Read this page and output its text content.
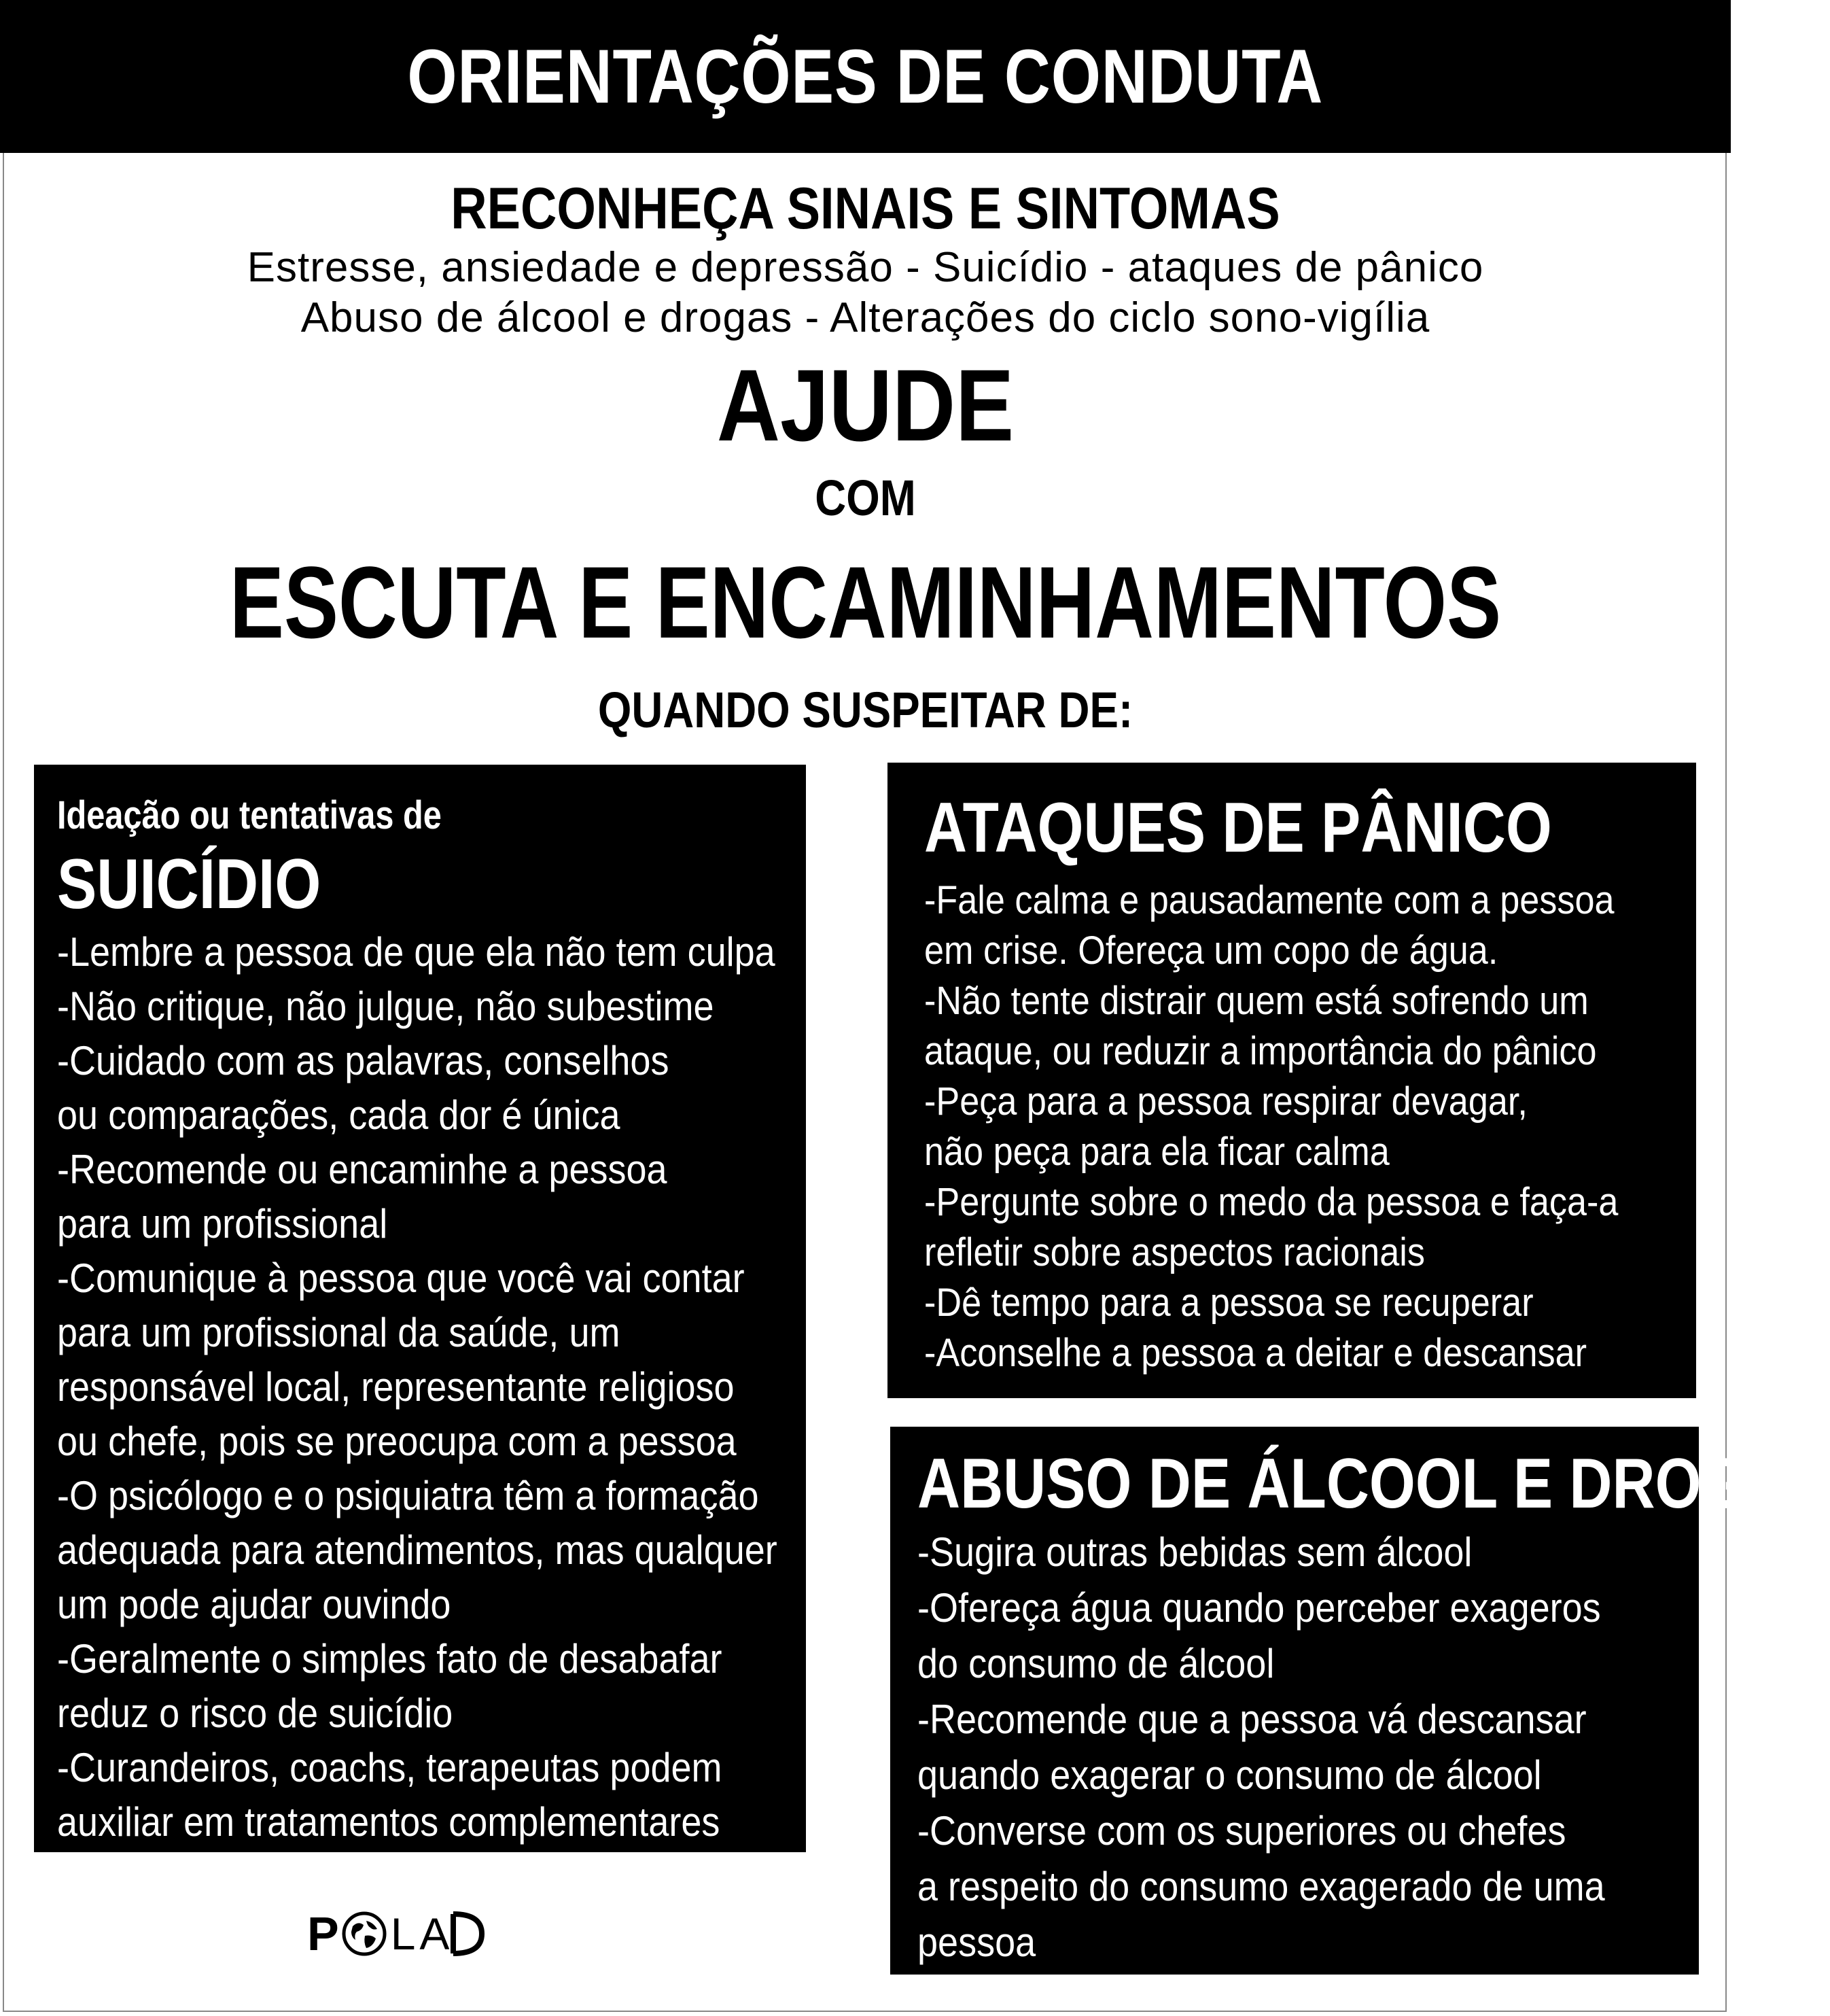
ORIENTAÇÕES DE CONDUTA
RECONHEÇA SINAIS E SINTOMAS
Estresse, ansiedade e depressão - Suicídio - ataques de pânico
Abuso de álcool e drogas - Alterações do ciclo sono-vigília
AJUDE
COM
ESCUTA E ENCAMINHAMENTOS
QUANDO SUSPEITAR DE:
Ideação ou tentativas de
SUICÍDIO
-Lembre a pessoa de que ela não tem culpa
-Não critique, não julgue, não subestime
-Cuidado com as palavras, conselhos
ou comparações, cada dor é única
-Recomende ou encaminhe a pessoa
para um profissional
-Comunique à pessoa que você vai contar
para um profissional da saúde, um
responsável local, representante religioso
ou chefe, pois se preocupa com a pessoa
-O psicólogo e o psiquiatra têm a formação
adequada para atendimentos, mas qualquer
um pode ajudar ouvindo
-Geralmente o simples fato de desabafar
reduz o risco de suicídio
-Curandeiros, coachs, terapeutas podem
auxiliar em tratamentos complementares
ATAQUES DE PÂNICO
-Fale calma e pausadamente com a pessoa
em crise. Ofereça um copo de água.
-Não tente distrair quem está sofrendo um
ataque, ou reduzir a importância do pânico
-Peça para a pessoa respirar devagar,
não peça para ela ficar calma
-Pergunte sobre o medo da pessoa e faça-a
refletir sobre aspectos racionais
-Dê tempo para a pessoa se recuperar
-Aconselhe a pessoa a deitar e descansar
ABUSO DE ÁLCOOL E DROGAS
-Sugira outras bebidas sem álcool
-Ofereça água quando perceber exageros
do consumo de álcool
-Recomende que a pessoa vá descansar
quando exagerar o consumo de álcool
-Converse com os superiores ou chefes
a respeito do consumo exagerado de uma
pessoa
P L A
